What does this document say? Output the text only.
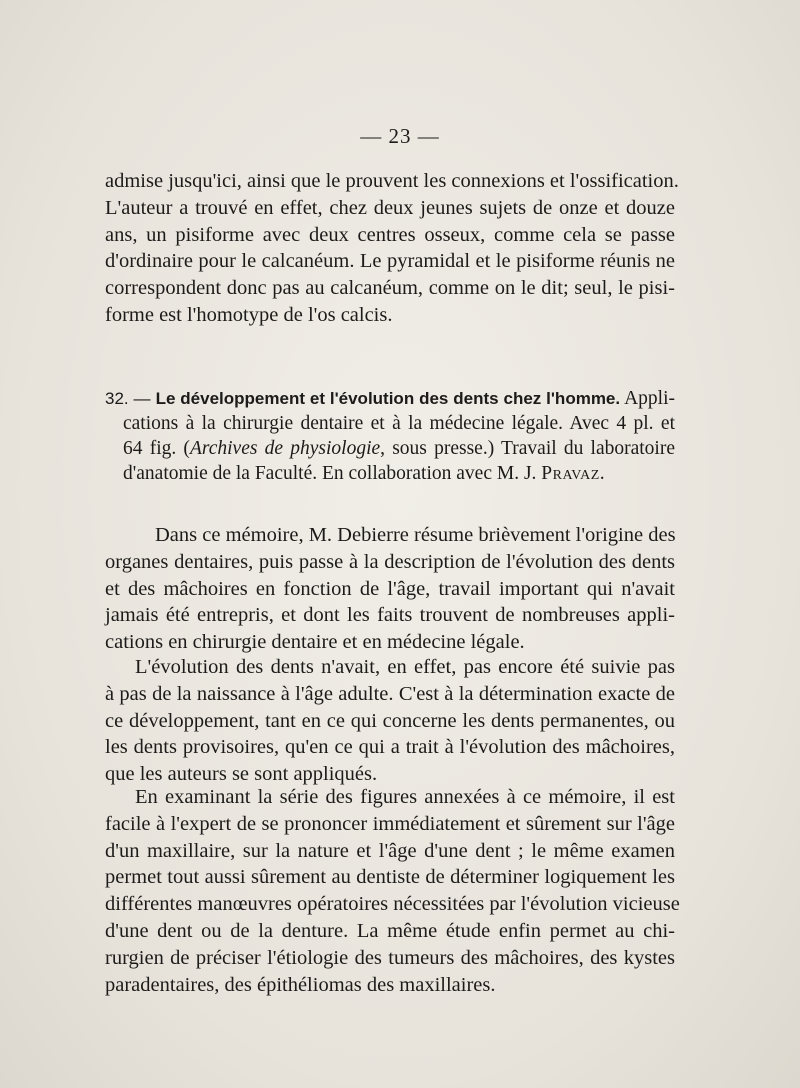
— 23 —
admise jusqu'ici, ainsi que le prouvent les connexions et l'ossification.
L'auteur a trouvé en effet, chez deux jeunes sujets de onze et douze
ans, un pisiforme avec deux centres osseux, comme cela se passe
d'ordinaire pour le calcanéum. Le pyramidal et le pisiforme réunis ne
correspondent donc pas au calcanéum, comme on le dit; seul, le pisi-
forme est l'homotype de l'os calcis.
32. — Le développement et l'évolution des dents chez l'homme. Appli-
cations à la chirurgie dentaire et à la médecine légale. Avec 4 pl. et
64 fig. (Archives de physiologie, sous presse.) Travail du laboratoire
d'anatomie de la Faculté. En collaboration avec M. J. Pravaz.
Dans ce mémoire, M. Debierre résume brièvement l'origine des
organes dentaires, puis passe à la description de l'évolution des dents
et des mâchoires en fonction de l'âge, travail important qui n'avait
jamais été entrepris, et dont les faits trouvent de nombreuses appli-
cations en chirurgie dentaire et en médecine légale.
L'évolution des dents n'avait, en effet, pas encore été suivie pas
à pas de la naissance à l'âge adulte. C'est à la détermination exacte de
ce développement, tant en ce qui concerne les dents permanentes, ou
les dents provisoires, qu'en ce qui a trait à l'évolution des mâchoires,
que les auteurs se sont appliqués.
En examinant la série des figures annexées à ce mémoire, il est
facile à l'expert de se prononcer immédiatement et sûrement sur l'âge
d'un maxillaire, sur la nature et l'âge d'une dent ; le même examen
permet tout aussi sûrement au dentiste de déterminer logiquement les
différentes manœuvres opératoires nécessitées par l'évolution vicieuse
d'une dent ou de la denture. La même étude enfin permet au chi-
rurgien de préciser l'étiologie des tumeurs des mâchoires, des kystes
paradentaires, des épithéliomas des maxillaires.
